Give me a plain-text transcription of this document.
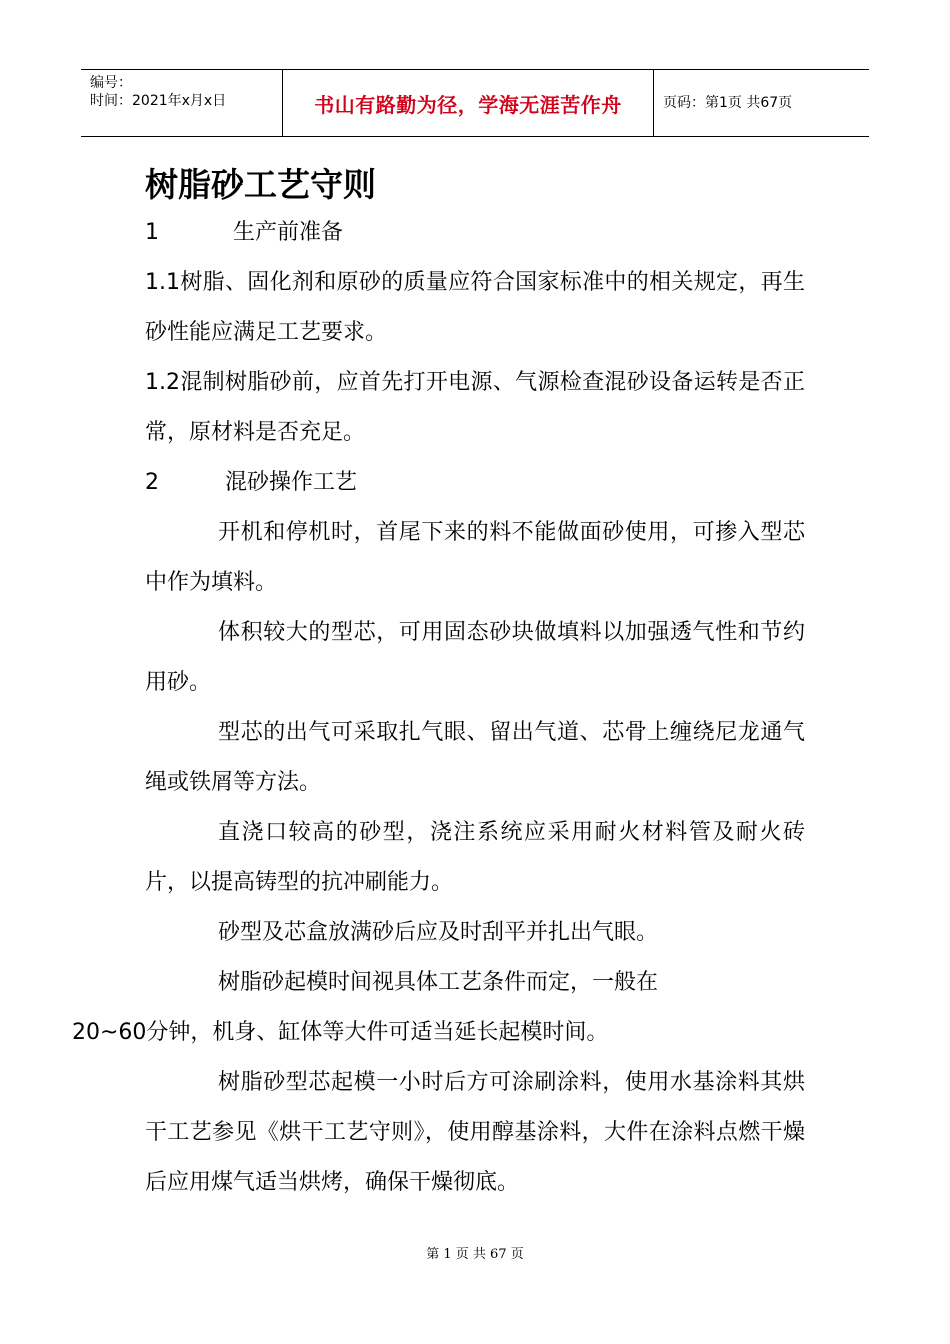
编号：
时间：2021年x月x日	书山有路勤为径，学海无涯苦作舟	页码：第1页 共67页
树脂砂工艺守则
1	生产前准备

1.1树脂、固化剂和原砂的质量应符合国家标准中的相关规定，再生砂性能应满足工艺要求。

1.2混制树脂砂前，应首先打开电源、气源检查混砂设备运转是否正常，原材料是否充足。

2	混砂操作工艺

开机和停机时，首尾下来的料不能做面砂使用，可掺入型芯中作为填料。

体积较大的型芯，可用固态砂块做填料以加强透气性和节约用砂。

型芯的出气可采取扎气眼、留出气道、芯骨上缠绕尼龙通气绳或铁屑等方法。

直浇口较高的砂型，浇注系统应采用耐火材料管及耐火砖片，以提高铸型的抗冲刷能力。

砂型及芯盒放满砂后应及时刮平并扎出气眼。

树脂砂起模时间视具体工艺条件而定，一般在
20~60分钟，机身、缸体等大件可适当延长起模时间。

树脂砂型芯起模一小时后方可涂刷涂料，使用水基涂料其烘干工艺参见《烘干工艺守则》，使用醇基涂料，大件在涂料点燃干燥后应用煤气适当烘烤，确保干燥彻底。

第 1 页 共 67 页
